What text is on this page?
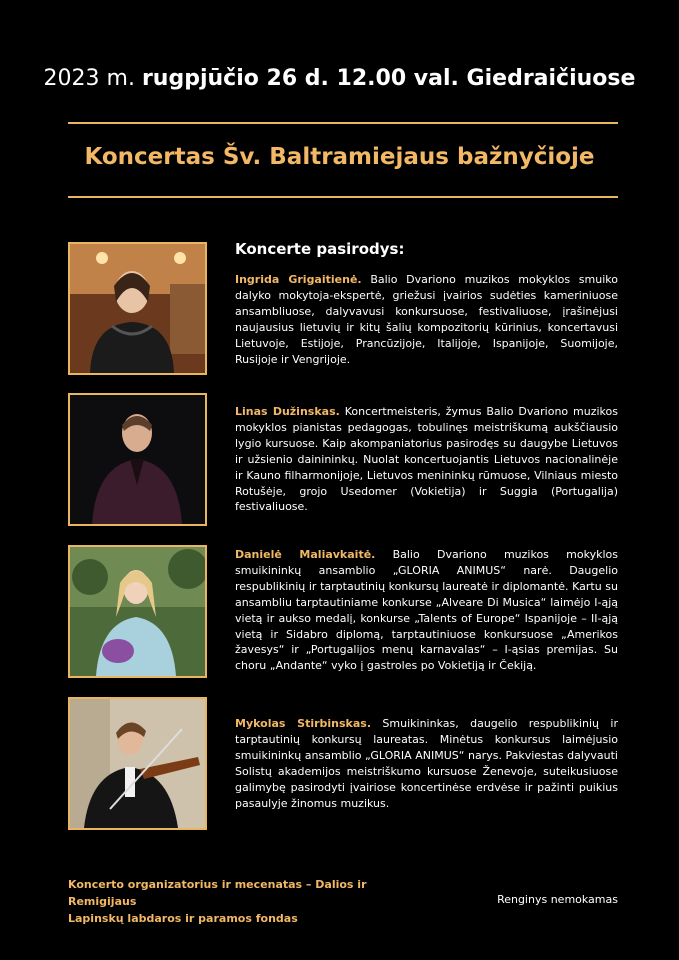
2023 m. rugpjūčio 26 d. 12.00 val. Giedraičiuose
Koncertas Šv. Baltramiejaus bažnyčioje
Koncerte pasirodys:
Ingrida Grigaitienė. Balio Dvariono muzikos mokyklos smuiko dalyko mokytoja-ekspertė, griežusi įvairios sudėties kameriniuose ansambliuose, dalyvavusi konkursuose, festivaliuose, įrašinėjusi naujausius lietuvių ir kitų šalių kompozitorių kūrinius, koncertavusi Lietuvoje, Estijoje, Prancūzijoje, Italijoje, Ispanijoje, Suomijoje, Rusijoje ir Vengrijoje.
Linas Dužinskas. Koncertmeisteris, žymus Balio Dvariono muzikos mokyklos pianistas pedagogas, tobulinęs meistriškumą aukščiausio lygio kursuose. Kaip akompaniatorius pasirodęs su daugybe Lietuvos ir užsienio dainininkų. Nuolat koncertuojantis Lietuvos nacionalinėje ir Kauno filharmonijoje, Lietuvos menininkų rūmuose, Vilniaus miesto Rotušėje, grojo Usedomer (Vokietija) ir Suggia (Portugalija) festivaliuose.
Danielė Maliavkaitė. Balio Dvariono muzikos mokyklos smuikininkų ansamblio „GLORIA ANIMUS“ narė. Daugelio respublikinių ir tarptautinių konkursų laureatė ir diplomantė. Kartu su ansambliu tarptautiniame konkurse „Alveare Di Musica“ laimėjo I-ąją vietą ir aukso medalį, konkurse „Talents of Europe“ Ispanijoje – II-ąją vietą ir Sidabro diplomą, tarptautiniuose konkursuose „Amerikos žavesys“ ir „Portugalijos menų karnavalas“ – I-ąsias premijas. Su choru „Andante“ vyko į gastroles po Vokietiją ir Čekiją.
Mykolas Stirbinskas. Smuikininkas, daugelio respublikinių ir tarptautinių konkursų laureatas. Minėtus konkursus laimėjusio smuikininkų ansamblio „GLORIA ANIMUS“ narys. Pakviestas dalyvauti Solistų akademijos meistriškumo kursuose Ženevoje, suteikusiuose galimybę pasirodyti įvairiose koncertinėse erdvėse ir pažinti puikius pasaulyje žinomus muzikus.
Koncerto organizatorius ir mecenatas – Dalios ir Remigijaus
Lapinskų labdaros ir paramos fondas
Renginys nemokamas
